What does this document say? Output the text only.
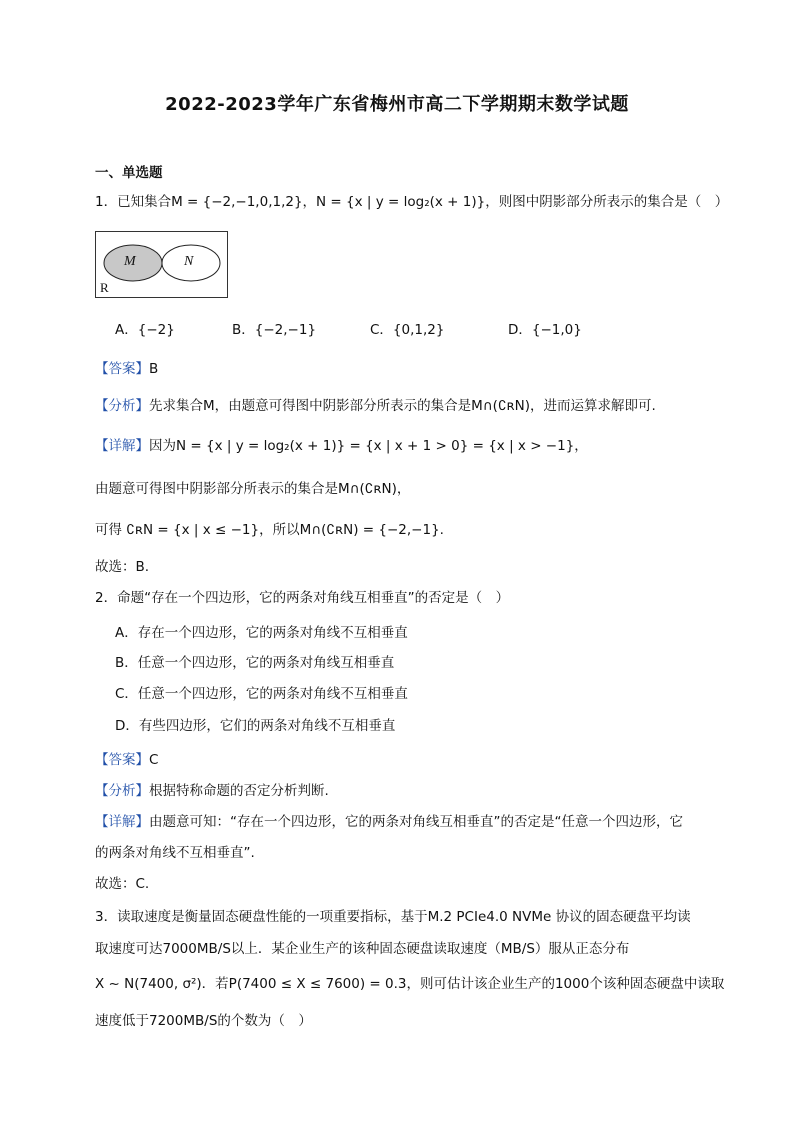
2022-2023学年广东省梅州市高二下学期期末数学试题
一、单选题
1．已知集合M = {−2,−1,0,1,2}，N = {x | y = log₂(x + 1)}，则图中阴影部分所表示的集合是（　）
M	N
R
A．{−2}	B．{−2,−1}	C．{0,1,2}	D．{−1,0}
【答案】B
【分析】先求集合M，由题意可得图中阴影部分所表示的集合是M∩(∁ʀN)，进而运算求解即可.
【详解】因为N = {x | y = log₂(x + 1)} = {x | x + 1 > 0} = {x | x > −1}，
由题意可得图中阴影部分所表示的集合是M∩(∁ʀN)，
可得 ∁ʀN = {x | x ≤ −1}，所以M∩(∁ʀN) = {−2,−1}.
故选：B.
2．命题“存在一个四边形，它的两条对角线互相垂直”的否定是（　）
A．存在一个四边形，它的两条对角线不互相垂直
B．任意一个四边形，它的两条对角线互相垂直
C．任意一个四边形，它的两条对角线不互相垂直
D．有些四边形，它们的两条对角线不互相垂直
【答案】C
【分析】根据特称命题的否定分析判断.
【详解】由题意可知：“存在一个四边形，它的两条对角线互相垂直”的否定是“任意一个四边形，它
的两条对角线不互相垂直”.
故选：C.
3．读取速度是衡量固态硬盘性能的一项重要指标，基于M.2 PCIe4.0 NVMe 协议的固态硬盘平均读
取速度可达7000MB/S以上．某企业生产的该种固态硬盘读取速度（MB/S）服从正态分布
X ~ N(7400, σ²)．若P(7400 ≤ X ≤ 7600) = 0.3，则可估计该企业生产的1000个该种固态硬盘中读取
速度低于7200MB/S的个数为（　）
